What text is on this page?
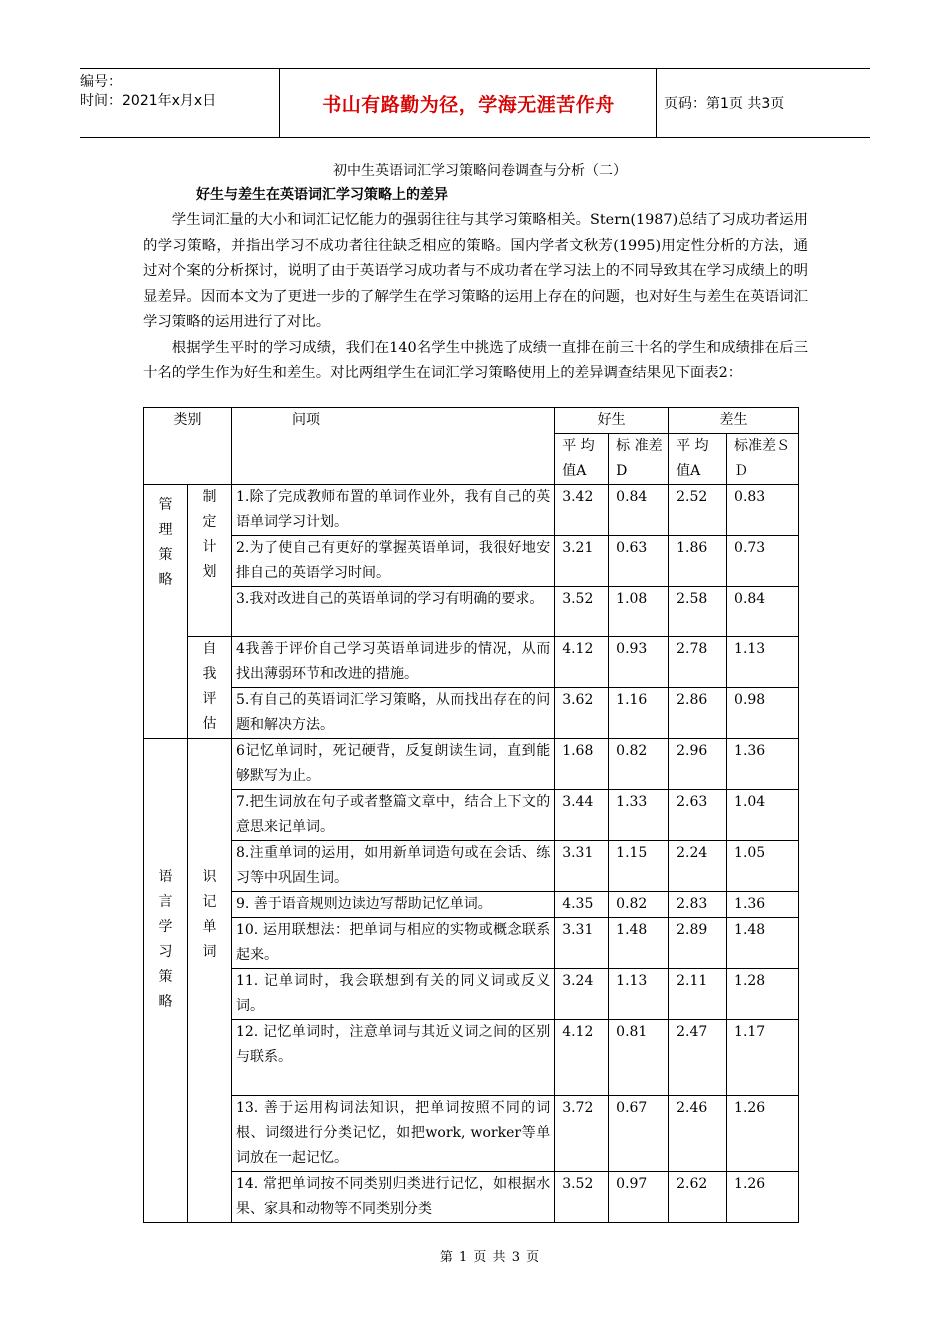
编号：
时间：2021年x月x日	书山有路勤为径，学海无涯苦作舟	页码：第1页 共3页
初中生英语词汇学习策略问卷调查与分析（二）
好生与差生在英语词汇学习策略上的差异

学生词汇量的大小和词汇记忆能力的强弱往往与其学习策略相关。Stern(1987)总结了习成功者运用的学习策略，并指出学习不成功者往往缺乏相应的策略。国内学者文秋芳(1995)用定性分析的方法，通过对个案的分析探讨，说明了由于英语学习成功者与不成功者在学习法上的不同导致其在学习成绩上的明显差异。因而本文为了更进一步的了解学生在学习策略的运用上存在的问题，也对好生与差生在英语词汇学习策略的运用进行了对比。

根据学生平时的学习成绩，我们在140名学生中挑选了成绩一直排在前三十名的学生和成绩排在后三十名的学生作为好生和差生。对比两组学生在词汇学习策略使用上的差异调查结果见下面表2：

类别		问项	好生		差生	
			平 均值A	标 准差D	平 均值A	标准差ＳＤ
管理策略	制定计划	1.除了完成教师布置的单词作业外，我有自己的英语单词学习计划。	3.42	0.84	2.52	0.83
		2.为了使自己有更好的掌握英语单词，我很好地安排自己的英语学习时间。	3.21	0.63	1.86	0.73
		3.我对改进自己的英语单词的学习有明确的要求。	3.52	1.08	2.58	0.84
	自我评估	4我善于评价自己学习英语单词进步的情况，从而找出薄弱环节和改进的措施。	4.12	0.93	2.78	1.13
		5.有自己的英语词汇学习策略，从而找出存在的问题和解决方法。	3.62	1.16	2.86	0.98
语言学习策略	识记单词	6记忆单词时，死记硬背，反复朗读生词，直到能够默写为止。	1.68	0.82	2.96	1.36
		7.把生词放在句子或者整篇文章中，结合上下文的意思来记单词。	3.44	1.33	2.63	1.04
		8.注重单词的运用，如用新单词造句或在会话、练习等中巩固生词。	3.31	1.15	2.24	1.05
		9. 善于语音规则边读边写帮助记忆单词。	4.35	0.82	2.83	1.36
		10. 运用联想法：把单词与相应的实物或概念联系起来。	3.31	1.48	2.89	1.48
		11. 记单词时，我会联想到有关的同义词或反义词。	3.24	1.13	2.11	1.28
		12. 记忆单词时，注意单词与其近义词之间的区别与联系。	4.12	0.81	2.47	1.17
		13. 善于运用构词法知识，把单词按照不同的词根、词缀进行分类记忆，如把work, worker等单词放在一起记忆。	3.72	0.67	2.46	1.26
		14. 常把单词按不同类别归类进行记忆，如根据水果、家具和动物等不同类别分类	3.52	0.97	2.62	1.26
第 1 页 共 3 页
